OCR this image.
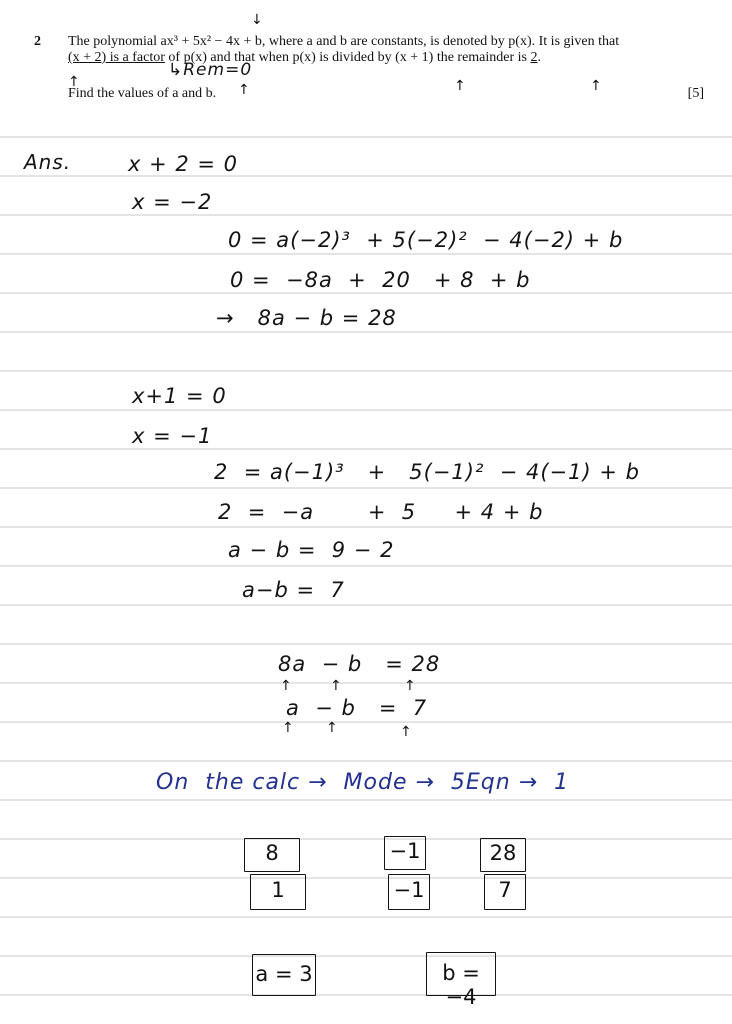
2 The polynomial ax³ + 5x² − 4x + b, where a and b are constants, is denoted by p(x). It is given that
(x + 2) is a factor of p(x) and that when p(x) is divided by (x + 1) the remainder is 2.
Find the values of a and b.	[5]
↳Rem=0
↓
↑	↑	↑	↑
Ans.	x + 2 = 0
x = −2
0 = a(−2)³  + 5(−2)²  − 4(−2) + b
0 =  −8a  +  20   + 8  + b
→   8a − b = 28
x+1 = 0
x = −1
2  = a(−1)³   +   5(−1)²  − 4(−1) + b
2  =  −a       +  5     + 4 + b
a − b =  9 − 2
a−b =  7
8a  − b   = 28
a  − b   =  7
↑	↑	↑
↑ ↑	↑
On  the calc →  Mode →  5Eqn →  1
8	−1	28
1	−1	7
a = 3	b = −4
